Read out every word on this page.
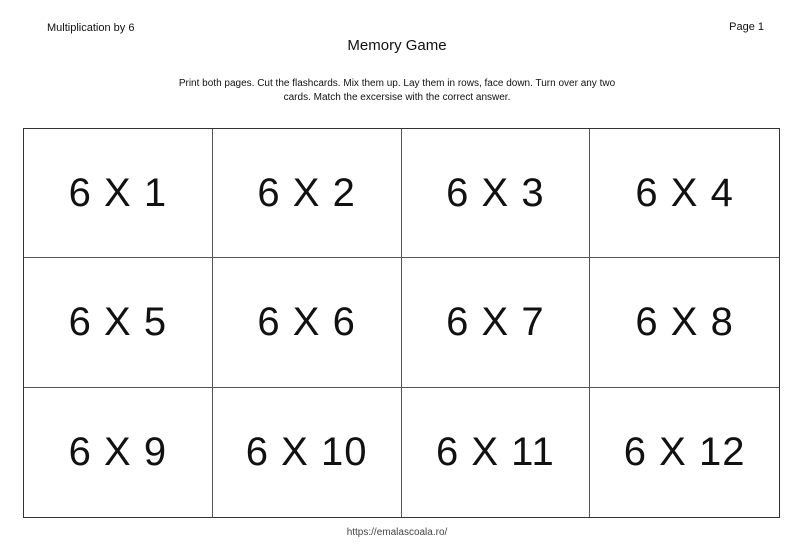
Multiplication by 6	Page 1
Memory Game
Print both pages. Cut the flashcards. Mix them up. Lay them in rows, face down. Turn over any two
cards. Match the excersise with the correct answer.
6 X 1	6 X 2	6 X 3	6 X 4
6 X 5	6 X 6	6 X 7	6 X 8
6 X 9	6 X 10	6 X 11	6 X 12
https://emalascoala.ro/
